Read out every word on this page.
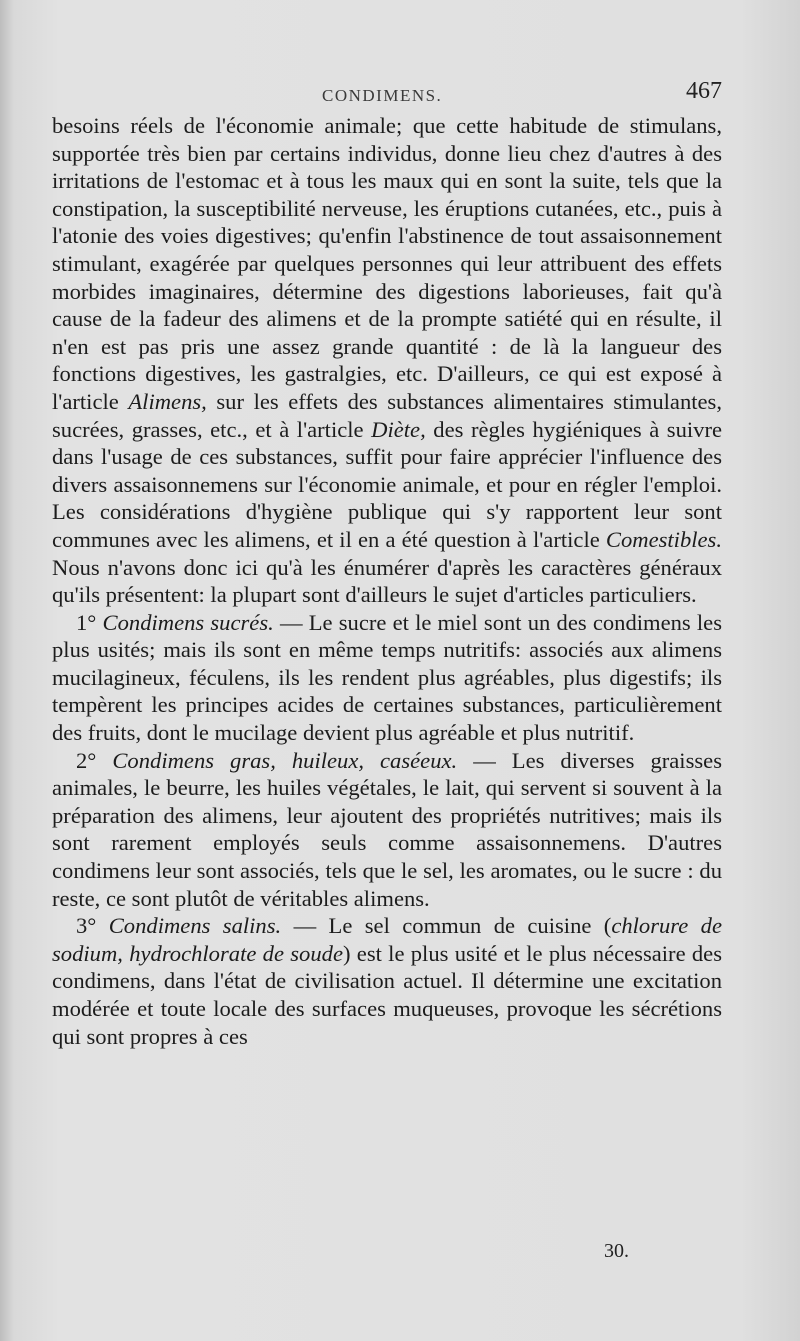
CONDIMENS.	467

besoins réels de l'économie animale; que cette habitude de stimulans, supportée très bien par certains individus, donne lieu chez d'autres à des irritations de l'estomac et à tous les maux qui en sont la suite, tels que la constipation, la susceptibilité nerveuse, les éruptions cutanées, etc., puis à l'atonie des voies digestives; qu'enfin l'abstinence de tout assaisonnement stimulant, exagérée par quelques personnes qui leur attribuent des effets morbides imaginaires, détermine des digestions laborieuses, fait qu'à cause de la fadeur des alimens et de la prompte satiété qui en résulte, il n'en est pas pris une assez grande quantité : de là la langueur des fonctions digestives, les gastralgies, etc. D'ailleurs, ce qui est exposé à l'article Alimens, sur les effets des substances alimentaires stimulantes, sucrées, grasses, etc., et à l'article Diète, des règles hygiéniques à suivre dans l'usage de ces substances, suffit pour faire apprécier l'influence des divers assaisonnemens sur l'économie animale, et pour en régler l'emploi. Les considérations d'hygiène publique qui s'y rapportent leur sont communes avec les alimens, et il en a été question à l'article Comestibles. Nous n'avons donc ici qu'à les énumérer d'après les caractères généraux qu'ils présentent: la plupart sont d'ailleurs le sujet d'articles particuliers.

1° Condimens sucrés. — Le sucre et le miel sont un des condimens les plus usités; mais ils sont en même temps nutritifs: associés aux alimens mucilagineux, féculens, ils les rendent plus agréables, plus digestifs; ils tempèrent les principes acides de certaines substances, particulièrement des fruits, dont le mucilage devient plus agréable et plus nutritif.

2° Condimens gras, huileux, caséeux. — Les diverses graisses animales, le beurre, les huiles végétales, le lait, qui servent si souvent à la préparation des alimens, leur ajoutent des propriétés nutritives; mais ils sont rarement employés seuls comme assaisonnemens. D'autres condimens leur sont associés, tels que le sel, les aromates, ou le sucre : du reste, ce sont plutôt de véritables alimens.

3° Condimens salins. — Le sel commun de cuisine (chlorure de sodium, hydrochlorate de soude) est le plus usité et le plus nécessaire des condimens, dans l'état de civilisation actuel. Il détermine une excitation modérée et toute locale des surfaces muqueuses, provoque les sécrétions qui sont propres à ces

30.
